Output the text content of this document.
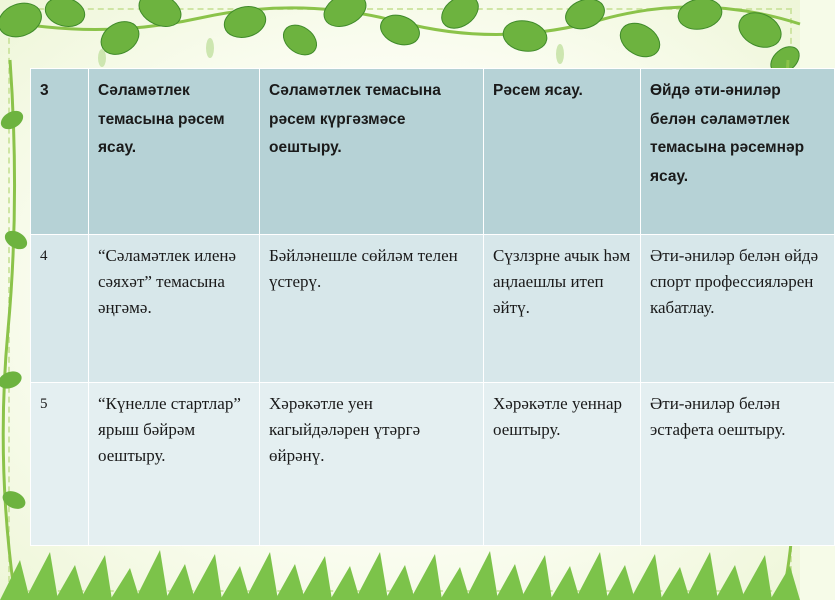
3	Сәламәтлек темасына рәсем ясау.	Сәламәтлек темасына рәсем күргәзмәсе оештыру.	Рәсем ясау.	Өйдә әти-әниләр белән сәламәтлек темасына рәсемнәр ясау.
4	“Сәламәтлек иленә сәяхәт” темасына әңгәмә.	Бәйләнешле сөйләм телен үстерү.	Сүзлзрне ачык һәм аңлаешлы итеп әйтү.	Әти-әниләр белән өйдә спорт профессияләрен кабатлау.
5	“Күнелле стартлар” ярыш бәйрәм оештыру.	Хәрәкәтле уен кагыйдәләрен үтәргә өйрәнү.	Хәрәкәтле уеннар оештыру.	Әти-әниләр белән эстафета оештыру.
